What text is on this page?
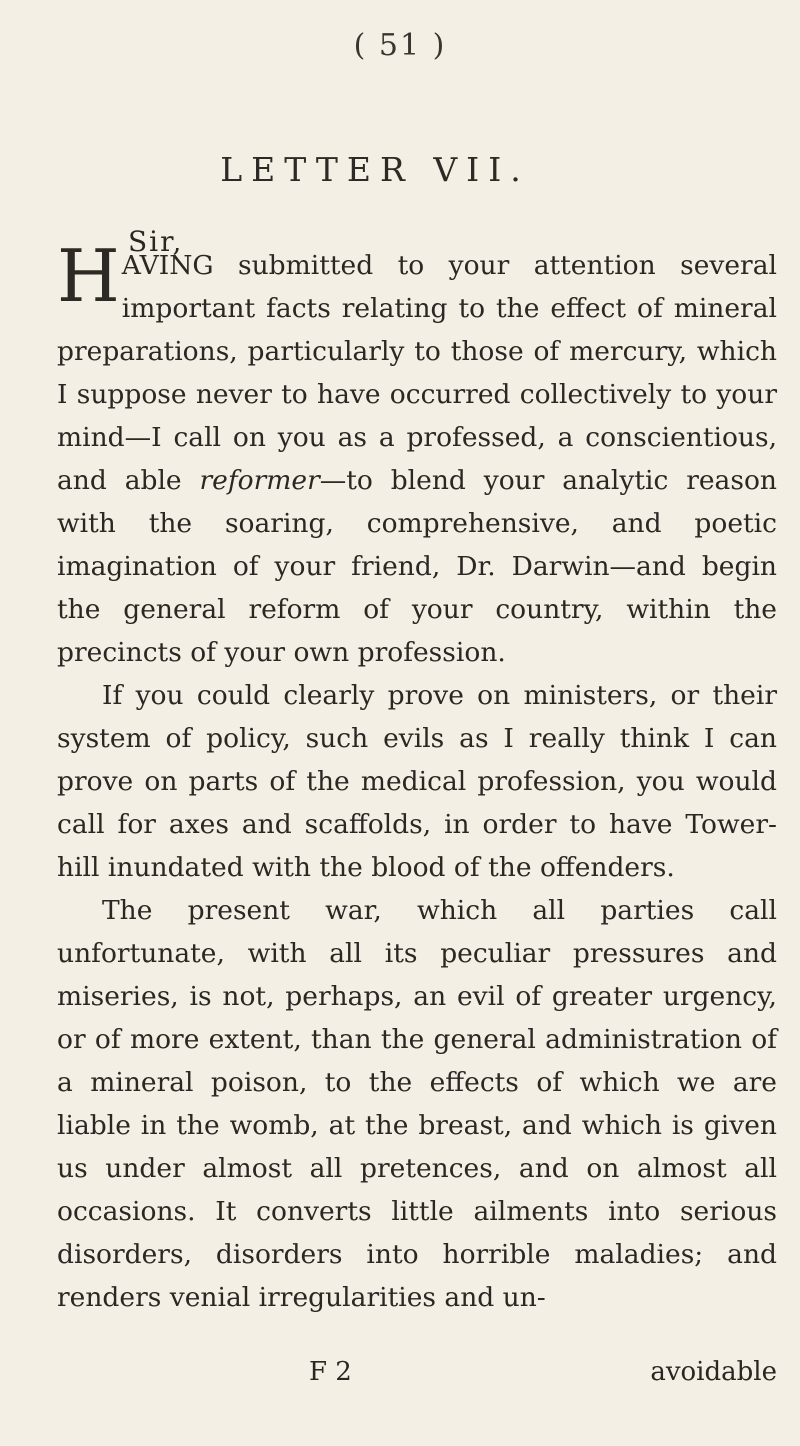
( 51 )
LETTER VII.
Sir,

HAVING submitted to your attention several important facts relating to the effect of mineral preparations, particularly to those of mercury, which I suppose never to have occurred collectively to your mind—I call on you as a professed, a conscientious, and able reformer—to blend your analytic reason with the soaring, comprehensive, and poetic imagination of your friend, Dr. Darwin—and begin the general reform of your country, within the precincts of your own profession.

If you could clearly prove on ministers, or their system of policy, such evils as I really think I can prove on parts of the medical profession, you would call for axes and scaffolds, in order to have Tower-hill inundated with the blood of the offenders.

The present war, which all parties call unfortunate, with all its peculiar pressures and miseries, is not, perhaps, an evil of greater urgency, or of more extent, than the general administration of a mineral poison, to the effects of which we are liable in the womb, at the breast, and which is given us under almost all pretences, and on almost all occasions. It converts little ailments into serious disorders, disorders into horrible maladies; and renders venial irregularities and un-

F 2	avoidable
